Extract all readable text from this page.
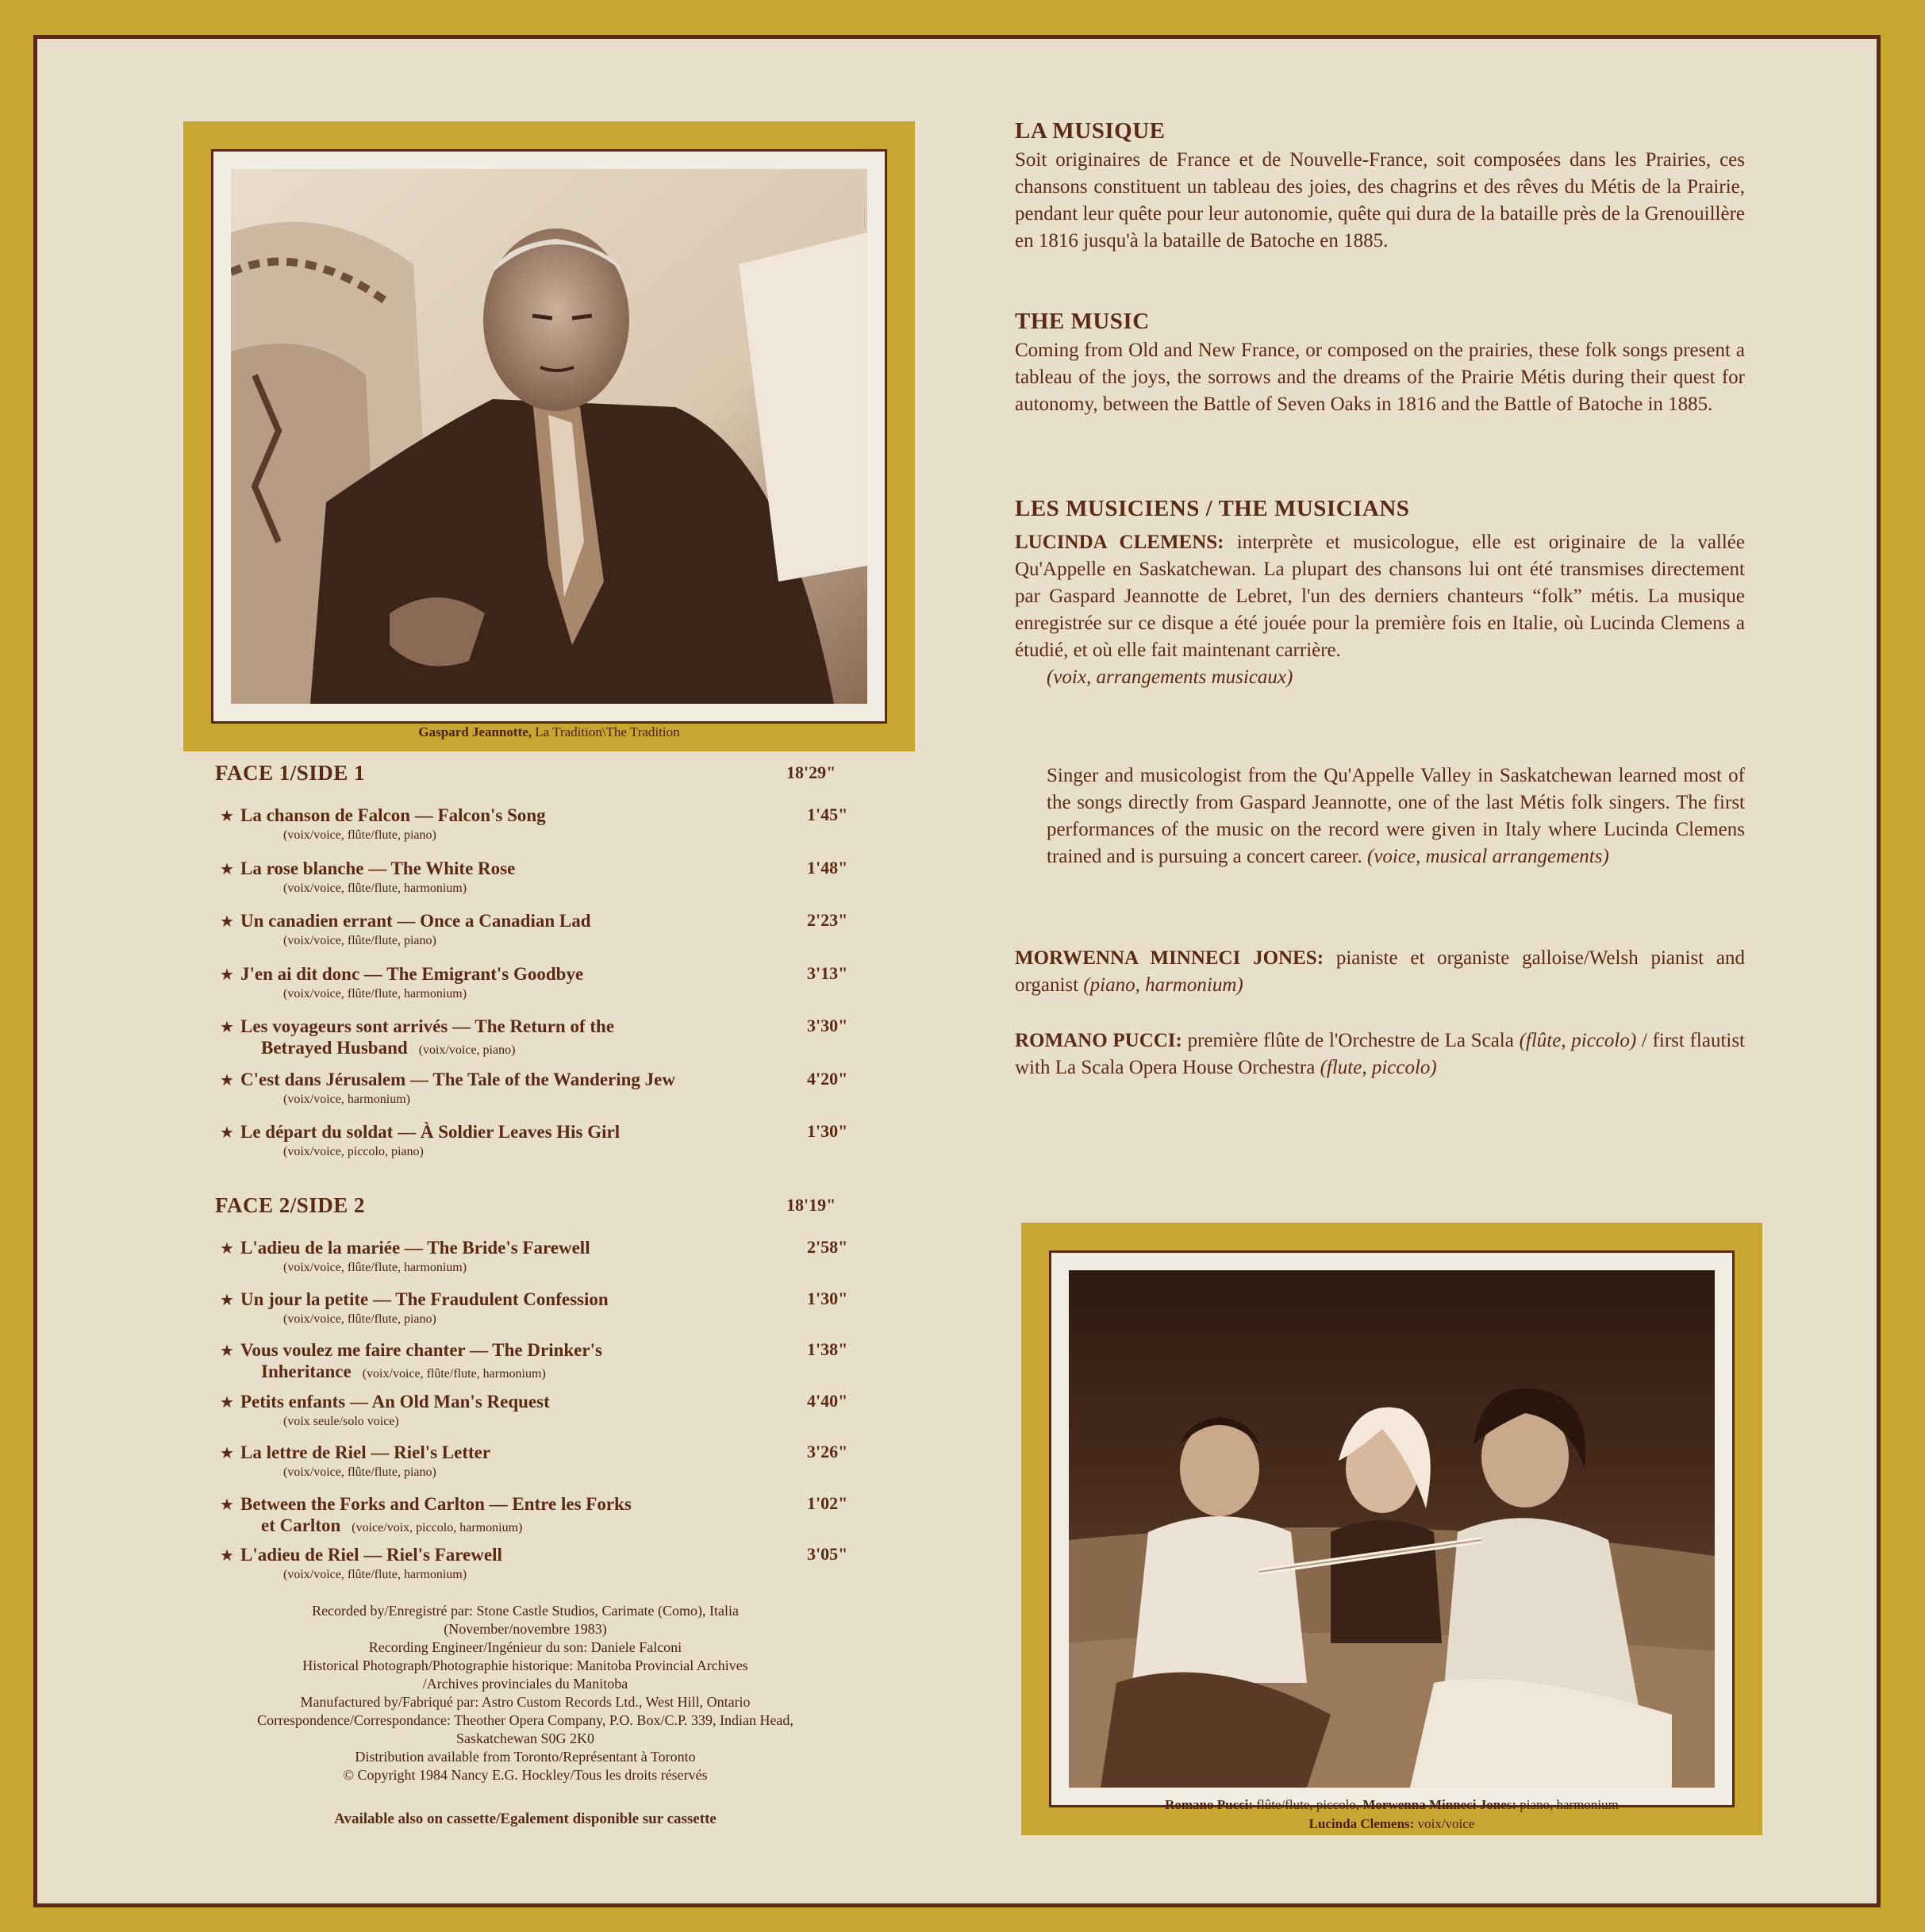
Gaspard Jeannotte, La Tradition\The Tradition
FACE 1/SIDE 1	18'29"
★ La chanson de Falcon — Falcon's Song
(voix/voice, flûte/flute, piano)
1'45"
★ La rose blanche — The White Rose
(voix/voice, flûte/flute, harmonium)
1'48"
★ Un canadien errant — Once a Canadian Lad
(voix/voice, flûte/flute, piano)
2'23"
★ J'en ai dit donc — The Emigrant's Goodbye
(voix/voice, flûte/flute, harmonium)
3'13"
★ Les voyageurs sont arrivés — The Return of the
Betrayed Husband (voix/voice, piano)
3'30"
★ C'est dans Jérusalem — The Tale of the Wandering Jew
(voix/voice, harmonium)
4'20"
★ Le départ du soldat — À Soldier Leaves His Girl
(voix/voice, piccolo, piano)
1'30"
FACE 2/SIDE 2	18'19"
★ L'adieu de la mariée — The Bride's Farewell
(voix/voice, flûte/flute, harmonium)
2'58"
★ Un jour la petite — The Fraudulent Confession
(voix/voice, flûte/flute, piano)
1'30"
★ Vous voulez me faire chanter — The Drinker's
Inheritance (voix/voice, flûte/flute, harmonium)
1'38"
★ Petits enfants — An Old Man's Request
(voix seule/solo voice)
4'40"
★ La lettre de Riel — Riel's Letter
(voix/voice, flûte/flute, piano)
3'26"
★ Between the Forks and Carlton — Entre les Forks
et Carlton (voice/voix, piccolo, harmonium)
1'02"
★ L'adieu de Riel — Riel's Farewell
(voix/voice, flûte/flute, harmonium)
3'05"
Recorded by/Enregistré par: Stone Castle Studios, Carimate (Como), Italia
(November/novembre 1983)
Recording Engineer/Ingénieur du son: Daniele Falconi
Historical Photograph/Photographie historique: Manitoba Provincial Archives
/Archives provinciales du Manitoba
Manufactured by/Fabriqué par: Astro Custom Records Ltd., West Hill, Ontario
Correspondence/Correspondance: Theother Opera Company, P.O. Box/C.P. 339, Indian Head,
Saskatchewan S0G 2K0
Distribution available from Toronto/Représentant à Toronto
© Copyright 1984 Nancy E.G. Hockley/Tous les droits réservés
Available also on cassette/Egalement disponible sur cassette
LA MUSIQUE
Soit originaires de France et de Nouvelle-France, soit composées dans les Prairies, ces chansons constituent un tableau des joies, des chagrins et des rêves du Métis de la Prairie, pendant leur quête pour leur autonomie, quête qui dura de la bataille près de la Grenouillère en 1816 jusqu'à la bataille de Batoche en 1885.
THE MUSIC
Coming from Old and New France, or composed on the prairies, these folk songs present a tableau of the joys, the sorrows and the dreams of the Prairie Métis during their quest for autonomy, between the Battle of Seven Oaks in 1816 and the Battle of Batoche in 1885.
LES MUSICIENS / THE MUSICIANS
LUCINDA CLEMENS: interprète et musicologue, elle est originaire de la vallée Qu'Appelle en Saskatchewan. La plupart des chansons lui ont été transmises directement par Gaspard Jeannotte de Lebret, l'un des derniers chanteurs “folk” métis. La musique enregistrée sur ce disque a été jouée pour la première fois en Italie, où Lucinda Clemens a étudié, et où elle fait maintenant carrière.
(voix, arrangements musicaux)
Singer and musicologist from the Qu'Appelle Valley in Saskatchewan learned most of the songs directly from Gaspard Jeannotte, one of the last Métis folk singers. The first performances of the music on the record were given in Italy where Lucinda Clemens trained and is pursuing a concert career. (voice, musical arrangements)
MORWENNA MINNECI JONES: pianiste et organiste galloise/Welsh pianist and organist (piano, harmonium)
ROMANO PUCCI: première flûte de l'Orchestre de La Scala (flûte, piccolo) / first flautist with La Scala Opera House Orchestra (flute, piccolo)
Romano Pucci: flûte/flute, piccolo, Morwenna Minneci Jones: piano, harmonium
Lucinda Clemens: voix/voice
